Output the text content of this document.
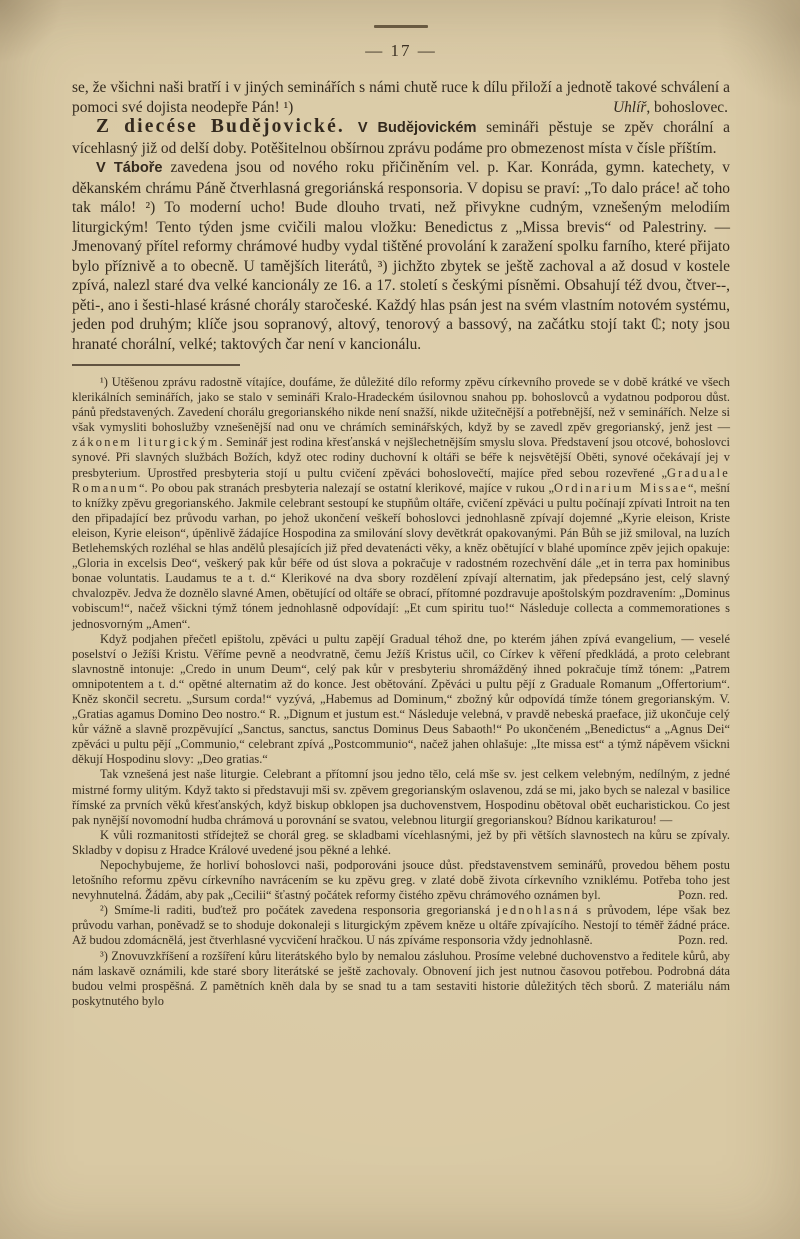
— 17 —

se, že všichni naši bratří i v jiných seminářích s námi chutě ruce k dílu přiloží a jednotě takové schválení a pomoci své dojista neodepře Pán! ¹)	Uhlíř, bohoslovec.

Z diecése Budějovické. V Budějovickém semináři pěstuje se zpěv chorální a vícehlasný již od delší doby. Potěšitelnou obšírnou zprávu podáme pro obmezenost místa v čísle příštím.

V Táboře zavedena jsou od nového roku přičiněním vel. p. Kar. Konráda, gymn. katechety, v děkanském chrámu Páně čtverhlasná gregoriánská responsoria. V dopisu se praví: „To dalo práce! ač toho tak málo! ²) To moderní ucho! Bude dlouho trvati, než přivykne cudným, vznešeným melodiím liturgickým! Tento týden jsme cvičili malou vložku: Benedictus z „Missa brevis“ od Palestriny. — Jmenovaný přítel reformy chrámové hudby vydal tištěné provolání k zaražení spolku farního, které přijato bylo příznivě a to obecně. U tamějších literátů, ³) jichžto zbytek se ještě zachoval a až dosud v kostele zpívá, nalezl staré dva velké kancionály ze 16. a 17. století s českými písněmi. Obsahují též dvou, čtver--, pěti-, ano i šesti-hlasé krásné chorály staročeské. Každý hlas psán jest na svém vlastním notovém systému, jeden pod druhým; klíče jsou sopranový, altový, tenorový a bassový, na začátku stojí takt ₵; noty jsou hranaté chorální, velké; taktových čar není v kancionálu.

¹) Utěšenou zprávu radostně vítajíce, doufáme, že důležité dílo reformy zpěvu církevního provede se v době krátké ve všech klerikálních seminářích, jako se stalo v semináři Kralo-Hradeckém úsilovnou snahou pp. bohoslovců a vydatnou podporou důst. pánů představených. Zavedení chorálu gregorianského nikde není snažší, nikde užitečnější a potřebnější, než v seminářích. Nelze si však vymysliti bohoslužby vznešenější nad onu ve chrámích seminářských, když by se zavedl zpěv gregorianský, jenž jest — zákonem liturgickým. Seminář jest rodina křesťanská v nejšlechetnějším smyslu slova. Představení jsou otcové, bohoslovci synové. Při slavných službách Božích, když otec rodiny duchovní k oltáři se béře k nejsvětější Oběti, synové očekávají jej v presbyterium. Uprostřed presbyteria stojí u pultu cvičení zpěváci bohoslovečtí, majíce před sebou rozevřené „Graduale Romanum“. Po obou pak stranách presbyteria nalezají se ostatní klerikové, majíce v rukou „Ordinarium Missae“, mešní to knížky zpěvu gregorianského. Jakmile celebrant sestoupí ke stupňům oltáře, cvičení zpěváci u pultu počínají zpívati Introit na ten den připadající bez průvodu varhan, po jehož ukončení veškeří bohoslovci jednohlasně zpívají dojemné „Kyrie eleison, Kriste eleison, Kyrie eleison“, úpěnlivě žádajíce Hospodina za smilování slovy devětkrát opakovanými. Pán Bůh se již smiloval, na luzích Betlehemských rozléhal se hlas andělů plesajících již před devatenácti věky, a kněz obětující v blahé upomínce zpěv jejich opakuje: „Gloria in excelsis Deo“, veškerý pak kůr béře od úst slova a pokračuje v radostném rozechvění dále „et in terra pax hominibus bonae voluntatis. Laudamus te a t. d.“ Klerikové na dva sbory rozdělení zpívají alternatim, jak předepsáno jest, celý slavný chvalozpěv. Jedva že doznělo slavné Amen, obětující od oltáře se obrací, přítomné pozdravuje apoštolským pozdravením: „Dominus vobiscum!“, načež všickni týmž tónem jednohlasně odpovídají: „Et cum spiritu tuo!“ Následuje collecta a commemorationes s jednosvorným „Amen“.

Když podjahen přečetl epištolu, zpěváci u pultu zapějí Gradual téhož dne, po kterém jáhen zpívá evangelium, — veselé poselství o Ježíši Kristu. Věříme pevně a neodvratně, čemu Ježíš Kristus učil, co Církev k věření předkládá, a proto celebrant slavnostně intonuje: „Credo in unum Deum“, celý pak kůr v presbyteriu shromážděný ihned pokračuje tímž tónem: „Patrem omnipotentem a t. d.“ opětné alternatim až do konce. Jest obětování. Zpěváci u pultu pějí z Graduale Romanum „Offertorium“. Kněz skončil secretu. „Sursum corda!“ vyzývá, „Habemus ad Dominum,“ zbožný kůr odpovídá tímže tónem gregorianským. V. „Gratias agamus Domino Deo nostro.“ R. „Dignum et justum est.“ Následuje velebná, v pravdě nebeská praeface, již ukončuje celý kůr vážně a slavně prozpěvující „Sanctus, sanctus, sanctus Dominus Deus Sabaoth!“ Po ukončeném „Benedictus“ a „Agnus Dei“ zpěváci u pultu pějí „Communio,“ celebrant zpívá „Postcommunio“, načež jahen ohlašuje: „Ite missa est“ a týmž nápěvem všickni děkují Hospodinu slovy: „Deo gratias.“

Tak vznešená jest naše liturgie. Celebrant a přítomní jsou jedno tělo, celá mše sv. jest celkem velebným, nedílným, z jedné mistrné formy ulitým. Když takto si představuji mši sv. zpěvem gregorianským oslavenou, zdá se mi, jako bych se nalezal v basilice římské za prvních věků křesťanských, když biskup obklopen jsa duchovenstvem, Hospodinu obětoval obět eucharistickou. Co jest pak nynější novomodní hudba chrámová u porovnání se svatou, velebnou liturgií gregorianskou? Bídnou karikaturou! —

K vůli rozmanitosti střídejtež se chorál greg. se skladbami vícehlasnými, jež by při větších slavnostech na kůru se zpívaly. Skladby v dopisu z Hradce Králové uvedené jsou pěkné a lehké.

Nepochybujeme, že horliví bohoslovci naši, podporováni jsouce důst. představenstvem seminářů, provedou během postu letošního reformu zpěvu církevního navrácením se ku zpěvu greg. v zlaté době života církevního vzniklému. Potřeba toho jest nevyhnutelná. Žádám, aby pak „Cecilii“ šťastný počátek reformy čistého zpěvu chrámového oznámen byl.	Pozn. red.

²) Smíme-li raditi, buďtež pro počátek zavedena responsoria gregorianská jednohlasná s průvodem, lépe však bez průvodu varhan, poněvadž se to shoduje dokonaleji s liturgickým zpěvem kněze u oltáře zpívajícího. Nestojí to téměř žádné práce. Až budou zdomácnělá, jest čtverhlasné vycvičení hračkou. U nás zpíváme responsoria vždy jednohlasně.	Pozn. red.

³) Znovuvzkříšení a rozšíření kůru literátského bylo by nemalou zásluhou. Prosíme velebné duchovenstvo a ředitele kůrů, aby nám laskavě oznámili, kde staré sbory literátské se ještě zachovaly. Obnovení jich jest nutnou časovou potřebou. Podrobná dáta budou velmi prospěšná. Z pamětních kněh dala by se snad tu a tam sestaviti historie důležitých těch sborů. Z materiálu nám poskytnutého bylo
